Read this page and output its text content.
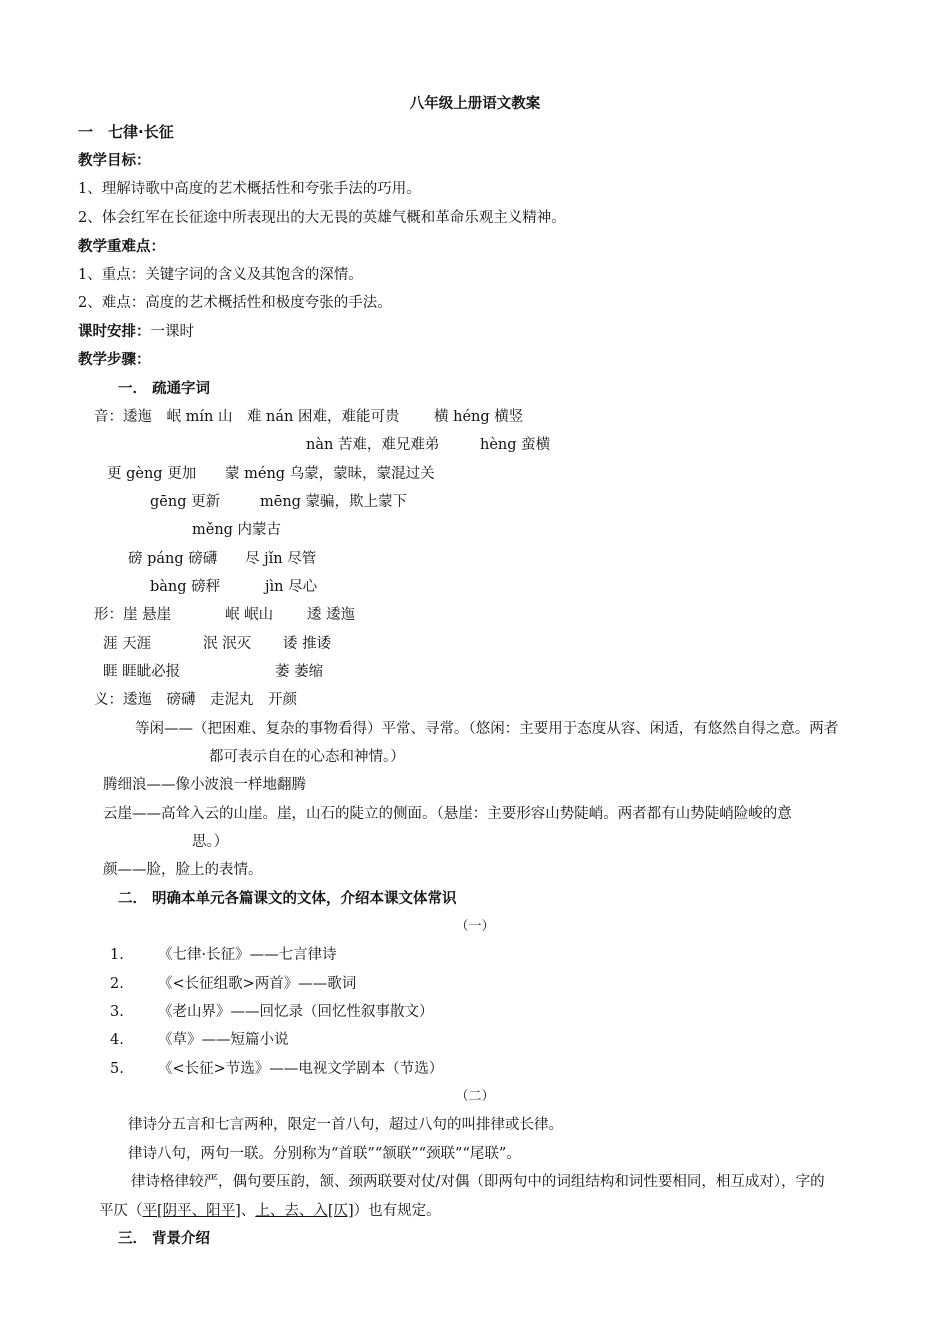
八年级上册语文教案
一　七律·长征
教学目标：
1、理解诗歌中高度的艺术概括性和夸张手法的巧用。
2、体会红军在长征途中所表现出的大无畏的英雄气概和革命乐观主义精神。
教学重难点：
1、重点：关键字词的含义及其饱含的深情。
2、难点：高度的艺术概括性和极度夸张的手法。
课时安排：一课时
教学步骤：
一． 疏通字词
音：逶迤　岷 mín 山　难 nán 困难，难能可贵 横 héng 横竖
nàn 苦难，难兄难弟	hèng 蛮横
更 gèng 更加 蒙 méng 乌蒙，蒙昧，蒙混过关
gēng 更新	mēng 蒙骗，欺上蒙下
měng 内蒙古
磅 páng 磅礴 尽 jǐn 尽管
bàng 磅秤	jìn 尽心
形：崖 悬崖	岷 岷山 逶 逶迤
涯 天涯	泯 泯灭 诿 推诿
睚 睚眦必报	萎 萎缩
义：逶迤　磅礴　走泥丸　开颜
等闲——（把困难、复杂的事物看得）平常、寻常。（悠闲：主要用于态度从容、闲适，有悠然自得之意。两者
都可表示自在的心态和神情。）
腾细浪——像小波浪一样地翻腾
云崖——高耸入云的山崖。崖，山石的陡立的侧面。（悬崖：主要形容山势陡峭。两者都有山势陡峭险峻的意
思。）
颜——脸，脸上的表情。
二． 明确本单元各篇课文的文体，介绍本课文体常识
（一）
1. 《七律·长征》——七言律诗
2. 《<长征组歌>两首》——歌词
3. 《老山界》——回忆录（回忆性叙事散文）
4. 《草》——短篇小说
5. 《<长征>节选》——电视文学剧本（节选）
（二）
律诗分五言和七言两种，限定一首八句，超过八句的叫排律或长律。
律诗八句，两句一联。分别称为“首联”“颔联”“颈联”“尾联”。
律诗格律较严，偶句要压韵，颔、颈两联要对仗/对偶（即两句中的词组结构和词性要相同，相互成对），字的
平仄（平[阴平、阳平]、上、去、入[仄]）也有规定。
三． 背景介绍
